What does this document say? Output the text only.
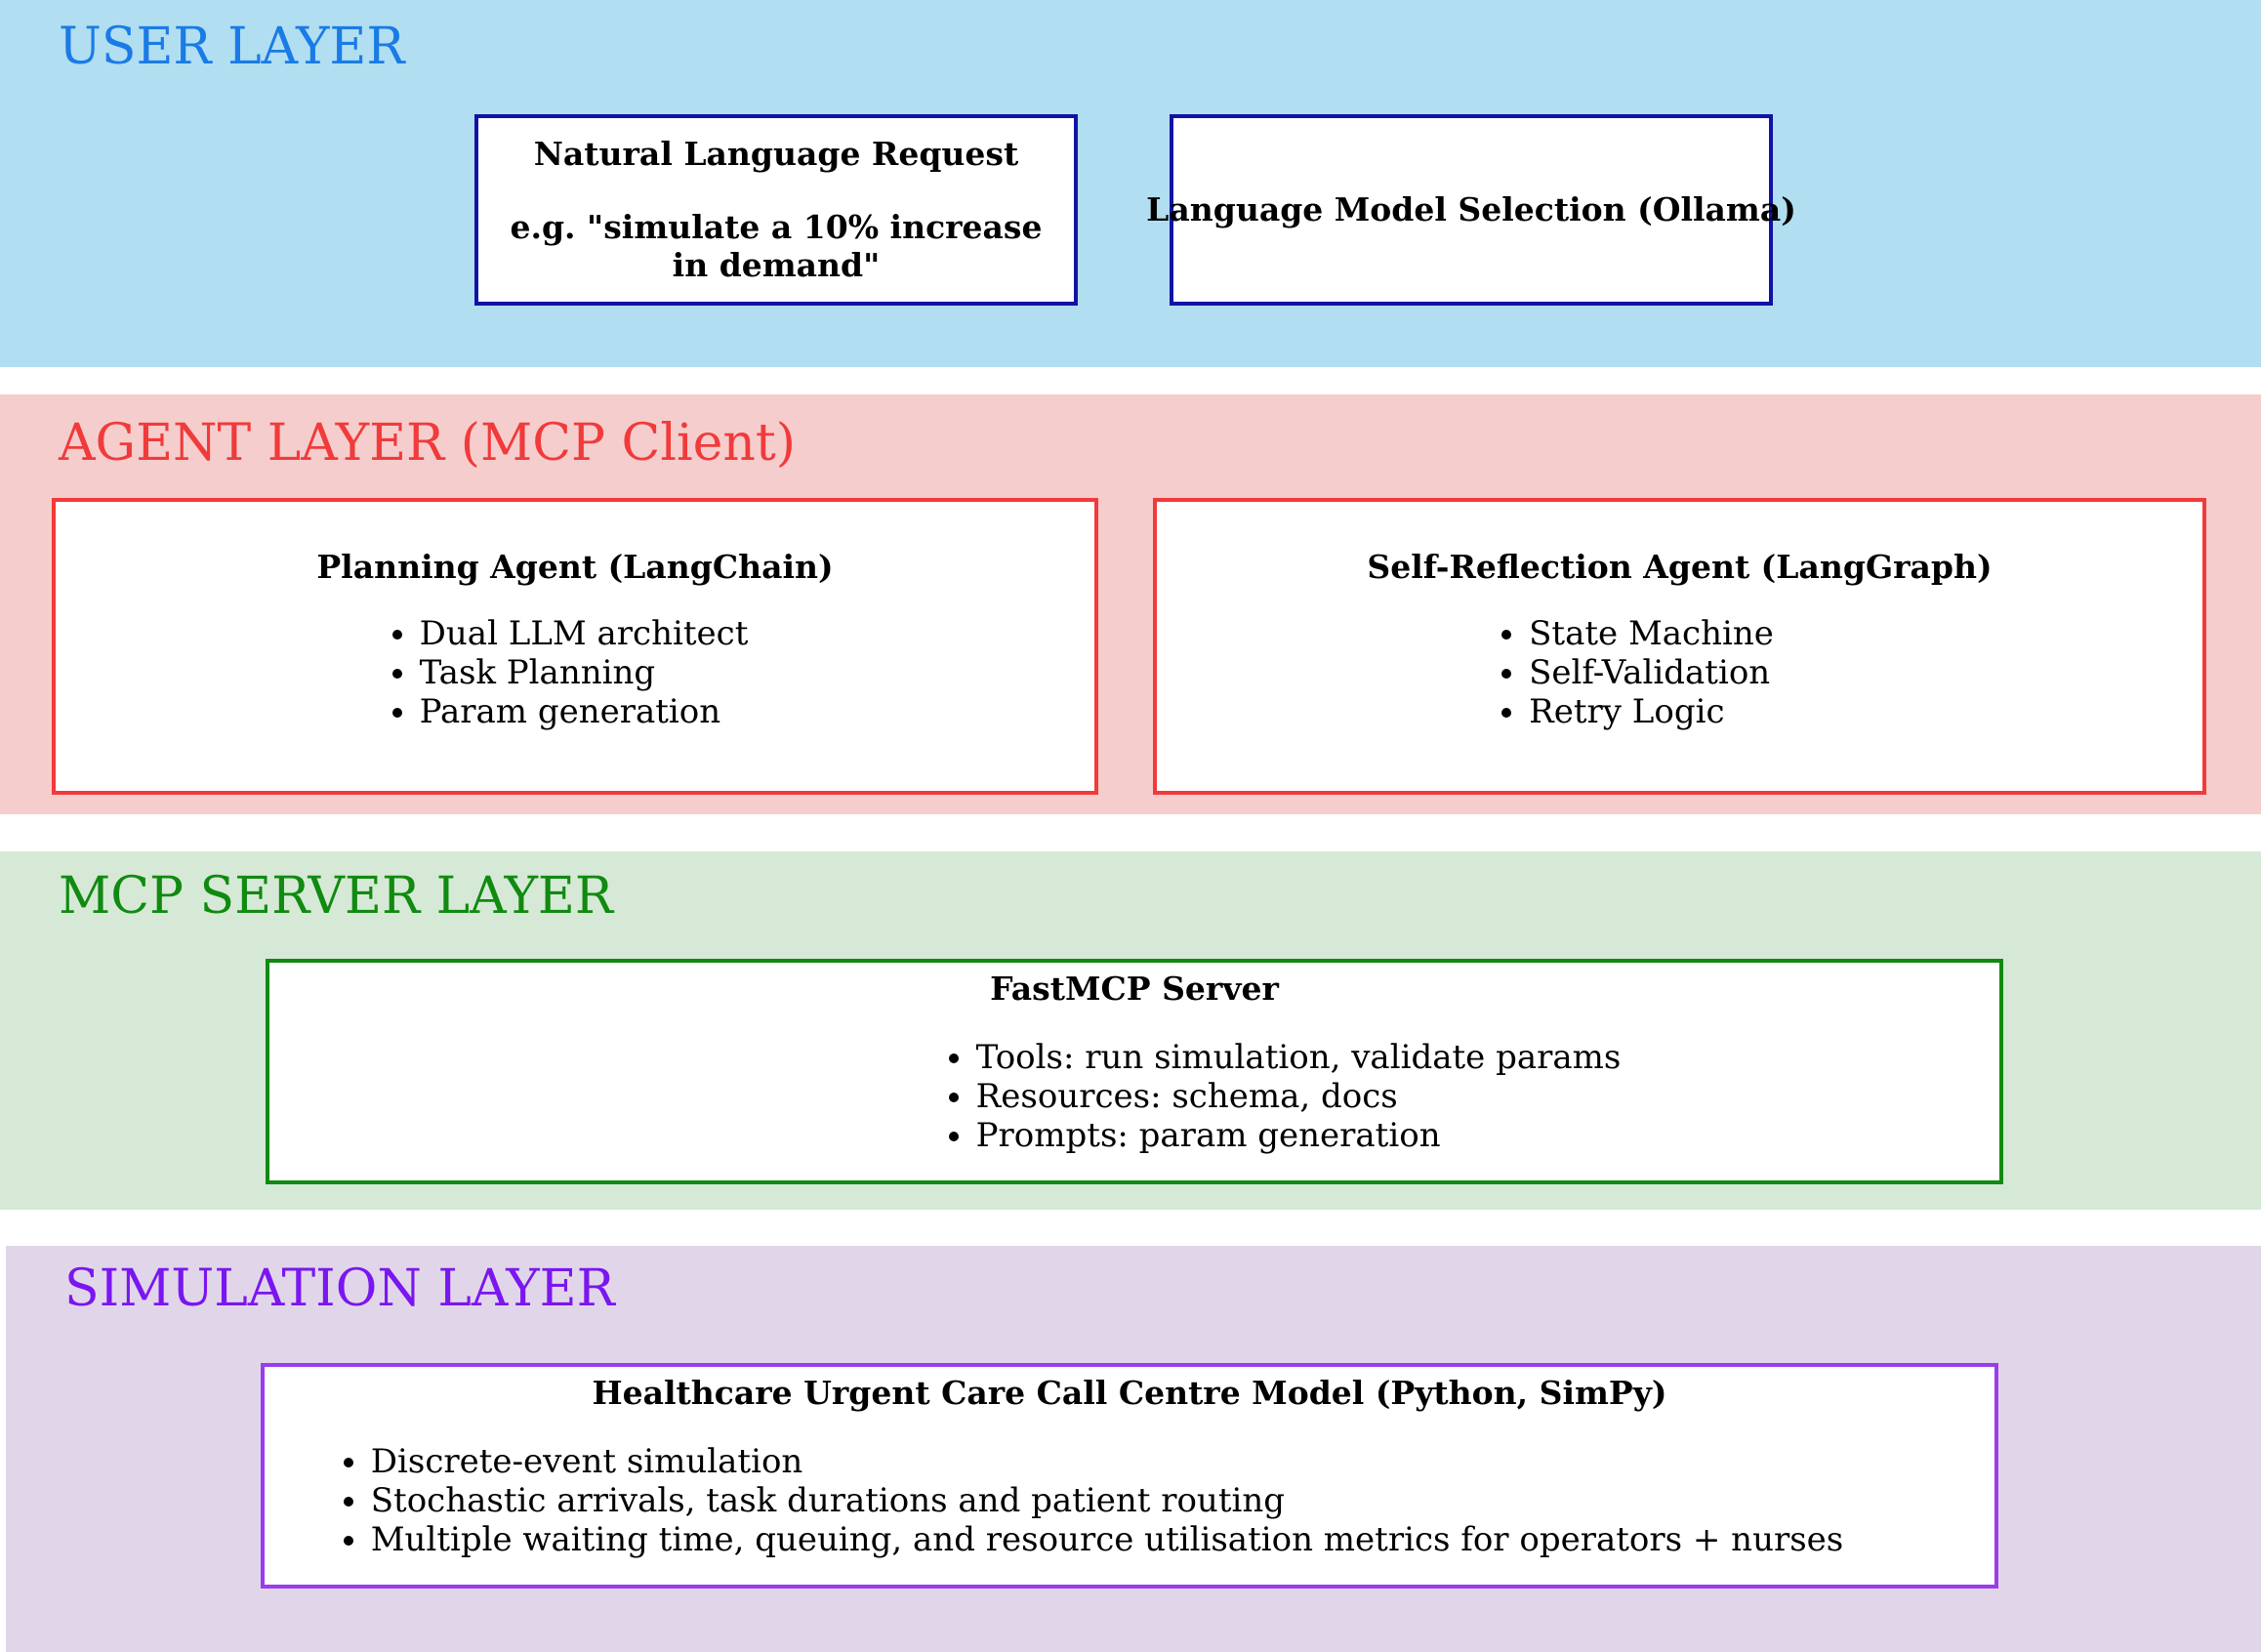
USER LAYER
Natural Language Request
e.g. "simulate a 10% increase in demand"
Language Model Selection (Ollama)
AGENT LAYER (MCP Client)
Planning Agent (LangChain)
Dual LLM architect
Task Planning
Param generation
Self-Reflection Agent (LangGraph)
State Machine
Self-Validation
Retry Logic
MCP SERVER LAYER
FastMCP Server
Tools: run simulation, validate params
Resources: schema, docs
Prompts: param generation
SIMULATION LAYER
Healthcare Urgent Care Call Centre Model (Python, SimPy)
Discrete-event simulation
Stochastic arrivals, task durations and patient routing
Multiple waiting time, queuing, and resource utilisation metrics for operators + nurses
